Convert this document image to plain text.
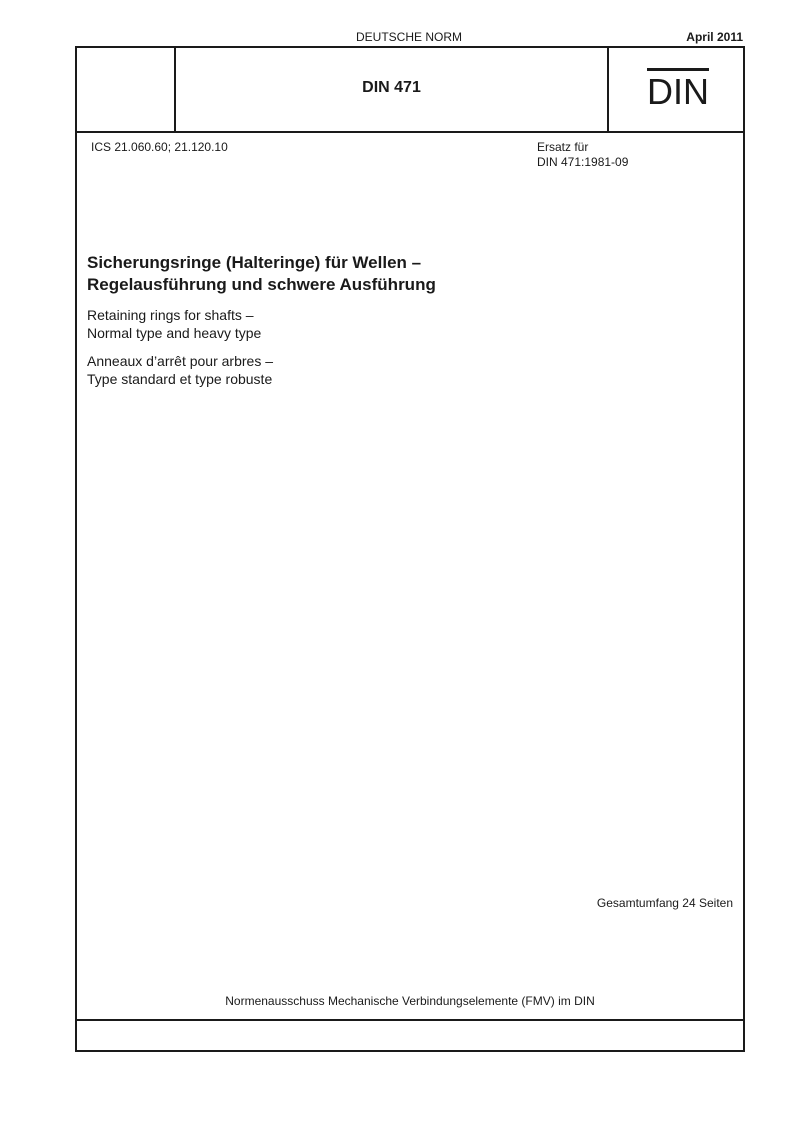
DEUTSCHE NORM	April 2011
DIN 471	DIN
ICS 21.060.60; 21.120.10	Ersatz für
DIN 471:1981-09
Sicherungsringe (Halteringe) für Wellen –
Regelausführung und schwere Ausführung
Retaining rings for shafts –
Normal type and heavy type
Anneaux d’arrêt pour arbres –
Type standard et type robuste
Gesamtumfang 24 Seiten
Normenausschuss Mechanische Verbindungselemente (FMV) im DIN
